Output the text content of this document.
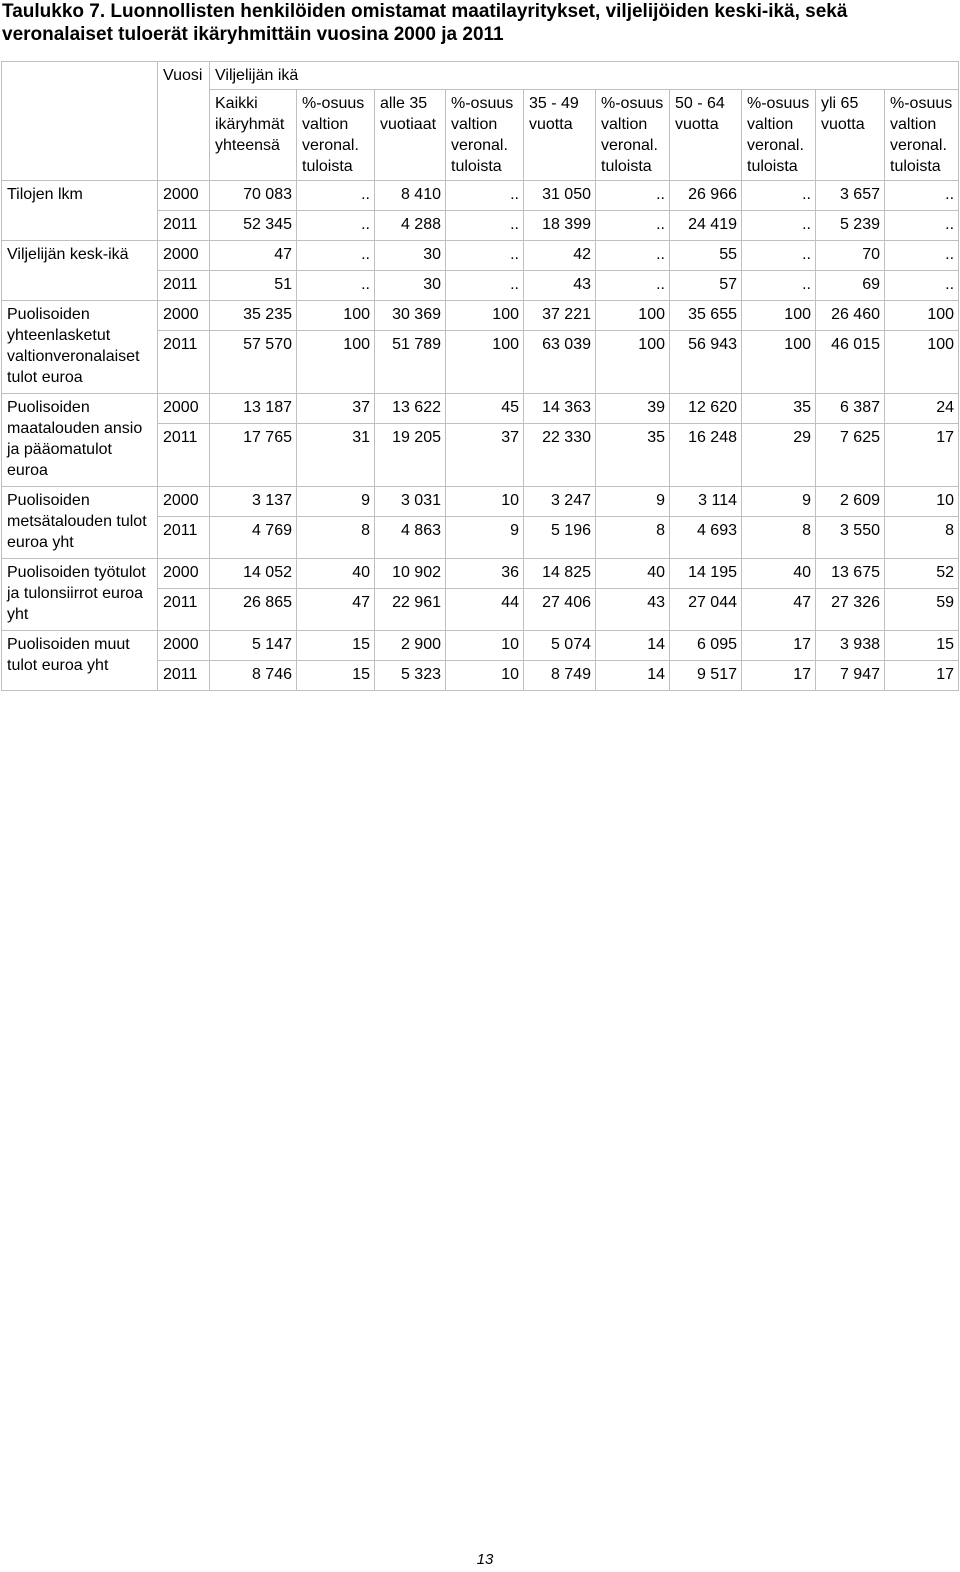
Taulukko 7. Luonnollisten henkilöiden omistamat maatilayritykset, viljelijöiden keski-ikä, sekä veronalaiset tuloerät ikäryhmittäin vuosina 2000 ja 2011
	Vuosi	Viljelijän ikä									
		Kaikki ikäryhmät yhteensä	%-osuus valtion veronal. tuloista	alle 35 vuotiaat	%-osuus valtion veronal. tuloista	35 - 49 vuotta	%-osuus valtion veronal. tuloista	50 - 64 vuotta	%-osuus valtion veronal. tuloista	yli 65 vuotta	%-osuus valtion veronal. tuloista
Tilojen lkm	2000	70 083	..	8 410	..	31 050	..	26 966	..	3 657	..
	2011	52 345	..	4 288	..	18 399	..	24 419	..	5 239	..
Viljelijän kesk-ikä	2000	47	..	30	..	42	..	55	..	70	..
	2011	51	..	30	..	43	..	57	..	69	..
Puolisoiden yhteenlasketut valtionveronalaiset tulot euroa	2000	35 235	100	30 369	100	37 221	100	35 655	100	26 460	100
	2011	57 570	100	51 789	100	63 039	100	56 943	100	46 015	100
Puolisoiden maatalouden ansio ja pääomatulot euroa	2000	13 187	37	13 622	45	14 363	39	12 620	35	6 387	24
	2011	17 765	31	19 205	37	22 330	35	16 248	29	7 625	17
Puolisoiden metsätalouden tulot euroa yht	2000	3 137	9	3 031	10	3 247	9	3 114	9	2 609	10
	2011	4 769	8	4 863	9	5 196	8	4 693	8	3 550	8
Puolisoiden työtulot ja tulonsiirrot euroa yht	2000	14 052	40	10 902	36	14 825	40	14 195	40	13 675	52
	2011	26 865	47	22 961	44	27 406	43	27 044	47	27 326	59
Puolisoiden muut tulot euroa yht	2000	5 147	15	2 900	10	5 074	14	6 095	17	3 938	15
	2011	8 746	15	5 323	10	8 749	14	9 517	17	7 947	17
13
